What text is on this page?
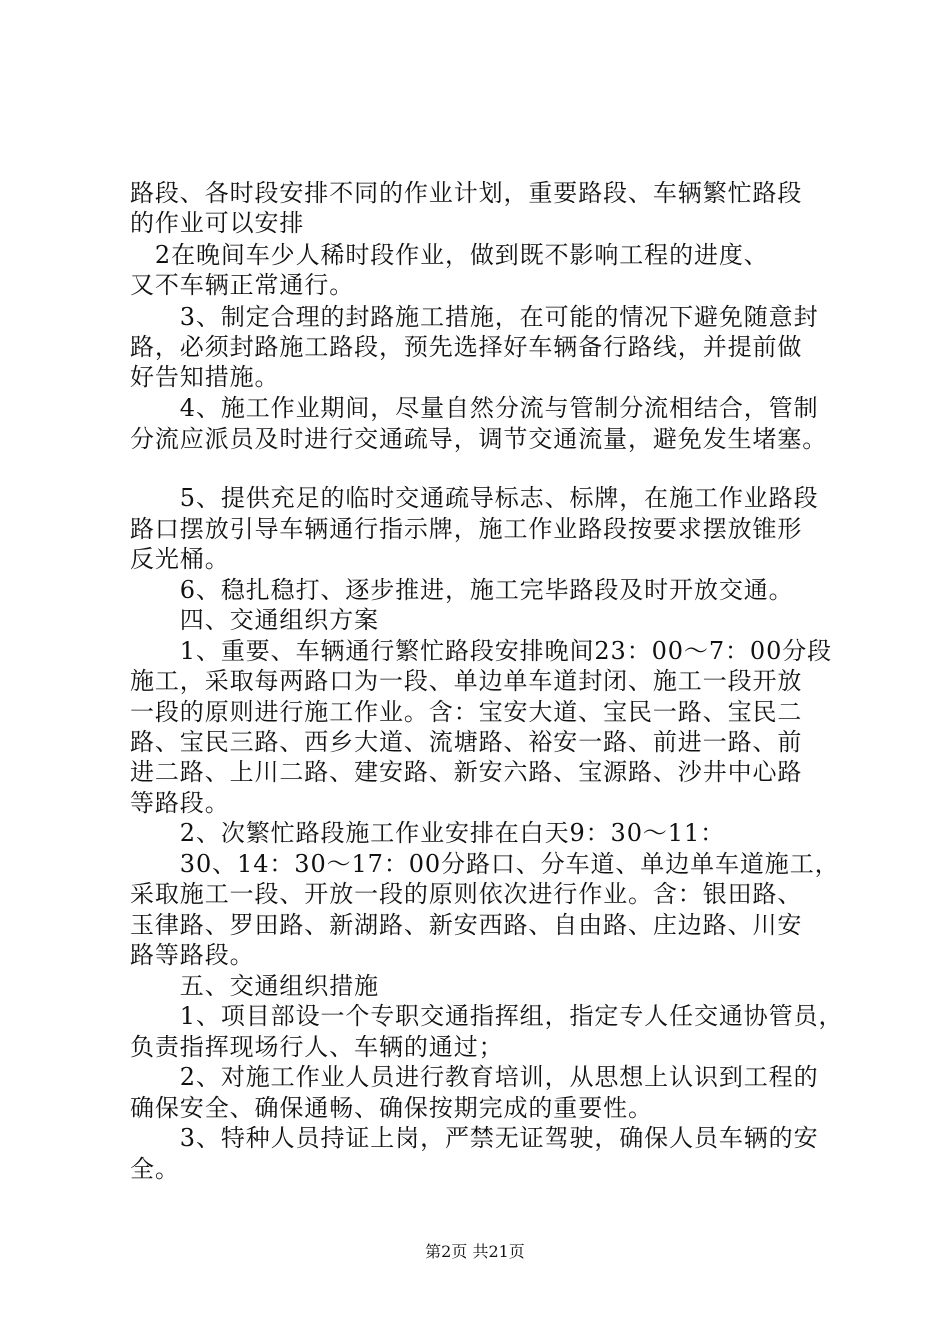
路段、各时段安排不同的作业计划，重要路段、车辆繁忙路段
的作业可以安排
　2在晚间车少人稀时段作业，做到既不影响工程的进度、
又不车辆正常通行。
　　3、制定合理的封路施工措施，在可能的情况下避免随意封
路，必须封路施工路段，预先选择好车辆备行路线，并提前做
好告知措施。
　　4、施工作业期间，尽量自然分流与管制分流相结合，管制
分流应派员及时进行交通疏导，调节交通流量，避免发生堵塞。
　　5、提供充足的临时交通疏导标志、标牌，在施工作业路段
路口摆放引导车辆通行指示牌，施工作业路段按要求摆放锥形
反光桶。
　　6、稳扎稳打、逐步推进，施工完毕路段及时开放交通。
　　四、交通组织方案
　　1、重要、车辆通行繁忙路段安排晚间23：00～7：00分段
施工，采取每两路口为一段、单边单车道封闭、施工一段开放
一段的原则进行施工作业。含：宝安大道、宝民一路、宝民二
路、宝民三路、西乡大道、流塘路、裕安一路、前进一路、前
进二路、上川二路、建安路、新安六路、宝源路、沙井中心路
等路段。
　　2、次繁忙路段施工作业安排在白天9：30～11：
　　30、14：30～17：00分路口、分车道、单边单车道施工，
采取施工一段、开放一段的原则依次进行作业。含：银田路、
玉律路、罗田路、新湖路、新安西路、自由路、庄边路、川安
路等路段。
　　五、交通组织措施
　　1、项目部设一个专职交通指挥组，指定专人任交通协管员，
负责指挥现场行人、车辆的通过；
　　2、对施工作业人员进行教育培训，从思想上认识到工程的
确保安全、确保通畅、确保按期完成的重要性。
　　3、特种人员持证上岗，严禁无证驾驶，确保人员车辆的安
全。
第2页 共21页
